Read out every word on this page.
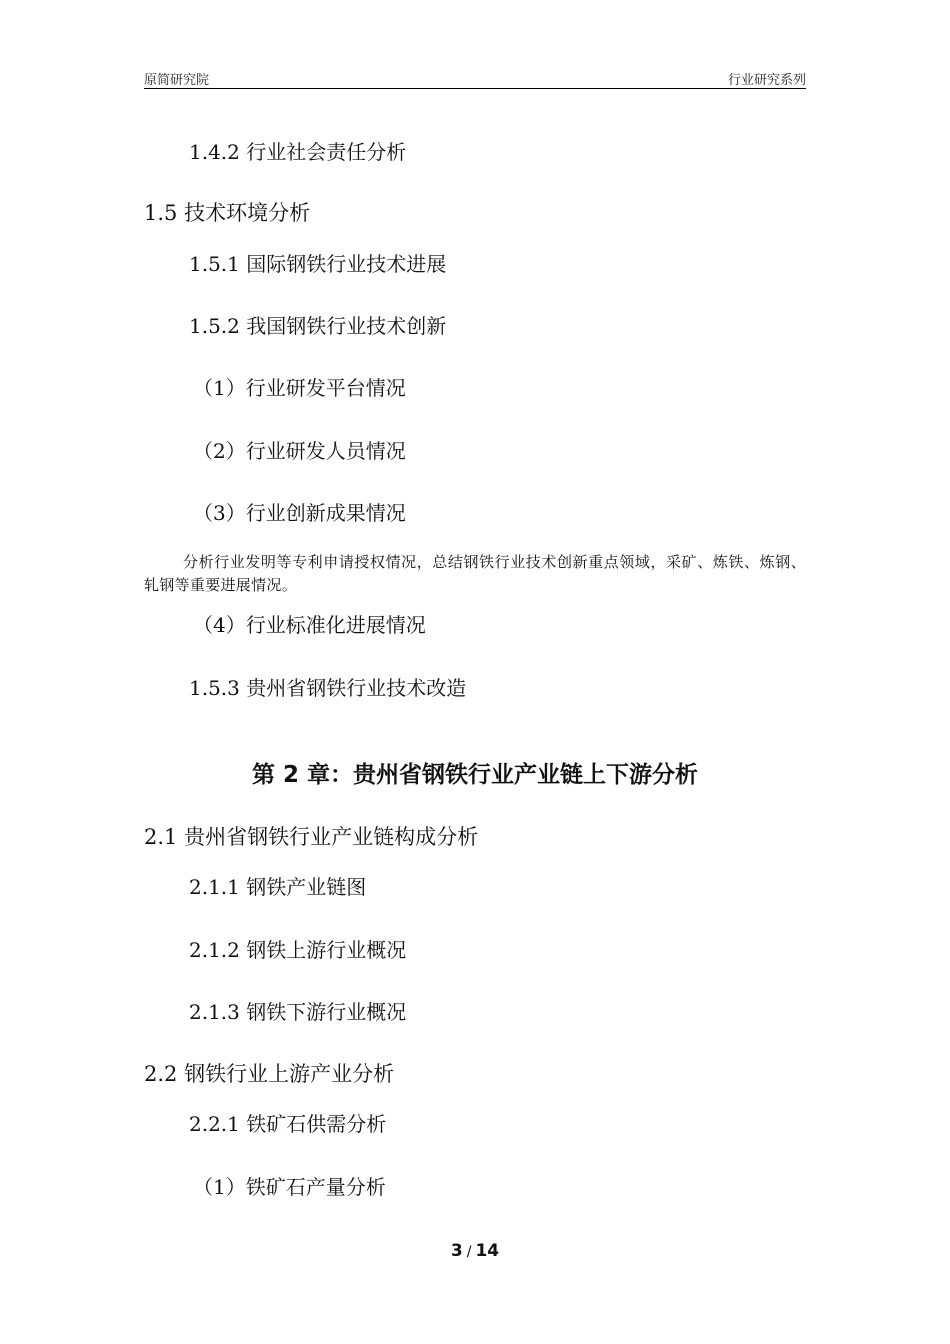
原简研究院	行业研究系列
1.4.2 行业社会责任分析
1.5 技术环境分析
1.5.1 国际钢铁行业技术进展
1.5.2 我国钢铁行业技术创新
（1）行业研发平台情况
（2）行业研发人员情况
（3）行业创新成果情况
分析行业发明等专利申请授权情况，总结钢铁行业技术创新重点领域，采矿、炼铁、炼钢、轧钢等重要进展情况。
（4）行业标准化进展情况
1.5.3 贵州省钢铁行业技术改造
第 2 章：贵州省钢铁行业产业链上下游分析
2.1 贵州省钢铁行业产业链构成分析
2.1.1 钢铁产业链图
2.1.2 钢铁上游行业概况
2.1.3 钢铁下游行业概况
2.2 钢铁行业上游产业分析
2.2.1 铁矿石供需分析
（1）铁矿石产量分析
3 / 14
